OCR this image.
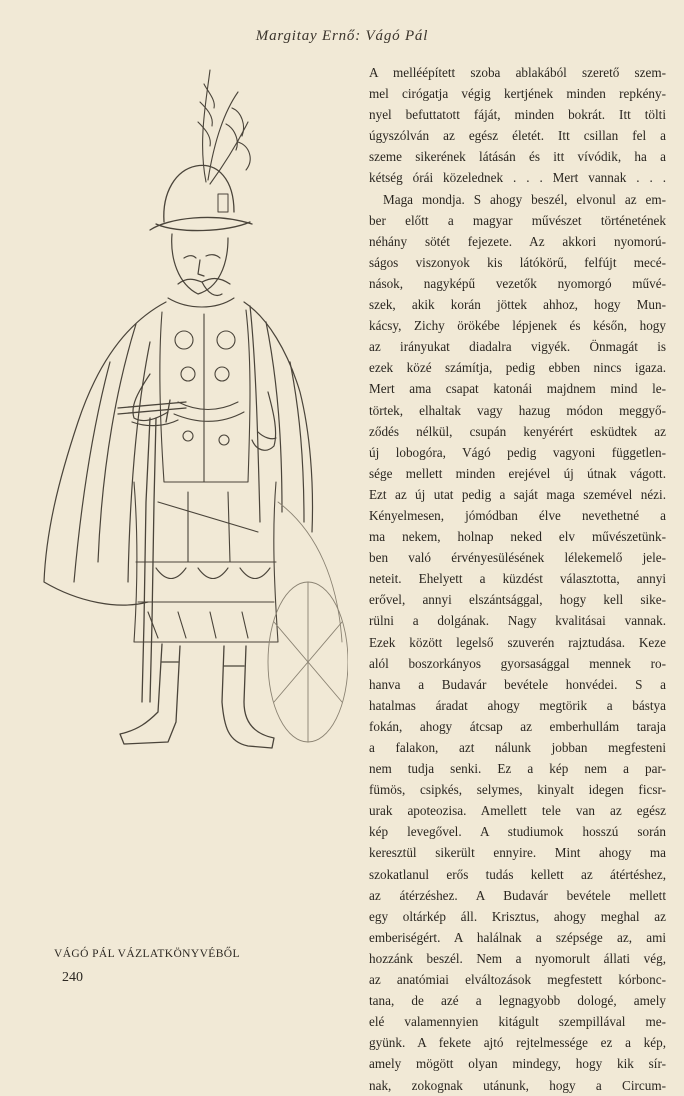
Margitay Ernő: Vágó Pál
VÁGÓ PÁL VÁZLATKÖNYVÉBŐL
240
A melléépített szoba ablakából szerető szem-
mel cirógatja végig kertjének minden repkény-
nyel befuttatott fáját, minden bokrát. Itt tölti
úgyszólván az egész életét. Itt csillan fel a
szeme sikerének látásán és itt vívódik, ha a
kétség órái közelednek . . . Mert vannak . . .
Maga mondja. S ahogy beszél, elvonul az em-
ber előtt a magyar művészet történetének
néhány sötét fejezete. Az akkori nyomorú-
ságos viszonyok kis látókörű, felfújt mecé-
nások, nagyképű vezetők nyomorgó művé-
szek, akik korán jöttek ahhoz, hogy Mun-
kácsy, Zichy örökébe lépjenek és későn, hogy
az irányukat diadalra vigyék. Önmagát is
ezek közé számítja, pedig ebben nincs igaza.
Mert ama csapat katonái majdnem mind le-
törtek, elhaltak vagy hazug módon meggyő-
ződés nélkül, csupán kenyérért esküdtek az
új lobogóra, Vágó pedig vagyoni független-
sége mellett minden erejével új útnak vágott.
Ezt az új utat pedig a saját maga szemével nézi.
Kényelmesen, jómódban élve nevethetné a
ma nekem, holnap neked elv művészetünk-
ben való érvényesülésének lélekemelő jele-
neteit. Ehelyett a küzdést választotta, annyi
erővel, annyi elszántsággal, hogy kell sike-
rülni a dolgának. Nagy kvalitásai vannak.
Ezek között legelső szuverén rajztudása. Keze
alól boszorkányos gyorsasággal mennek ro-
hanva a Budavár bevétele honvédei. S a
hatalmas áradat ahogy megtörik a bástya
fokán, ahogy átcsap az emberhullám taraja
a falakon, azt nálunk jobban megfesteni
nem tudja senki. Ez a kép nem a par-
fümös, csipkés, selymes, kinyalt idegen ficsr-
urak apoteozisa. Amellett tele van az egész
kép levegővel. A studiumok hosszú során
keresztül sikerült ennyire. Mint ahogy ma
szokatlanul erős tudás kellett az átértéshez,
az átérzéshez. A Budavár bevétele mellett
egy oltárkép áll. Krisztus, ahogy meghal az
emberiségért. A halálnak a szépsége az, ami
hozzánk beszél. Nem a nyomorult állati vég,
az anatómiai elváltozások megfestett kórbonc-
tana, de azé a legnagyobb dologé, amely
elé valamennyien kitágult szempillával me-
gyünk. A fekete ajtó rejtelmessége ez a kép,
amely mögött olyan mindegy, hogy kik sír-
nak, zokognak utánunk, hogy a Circum-
